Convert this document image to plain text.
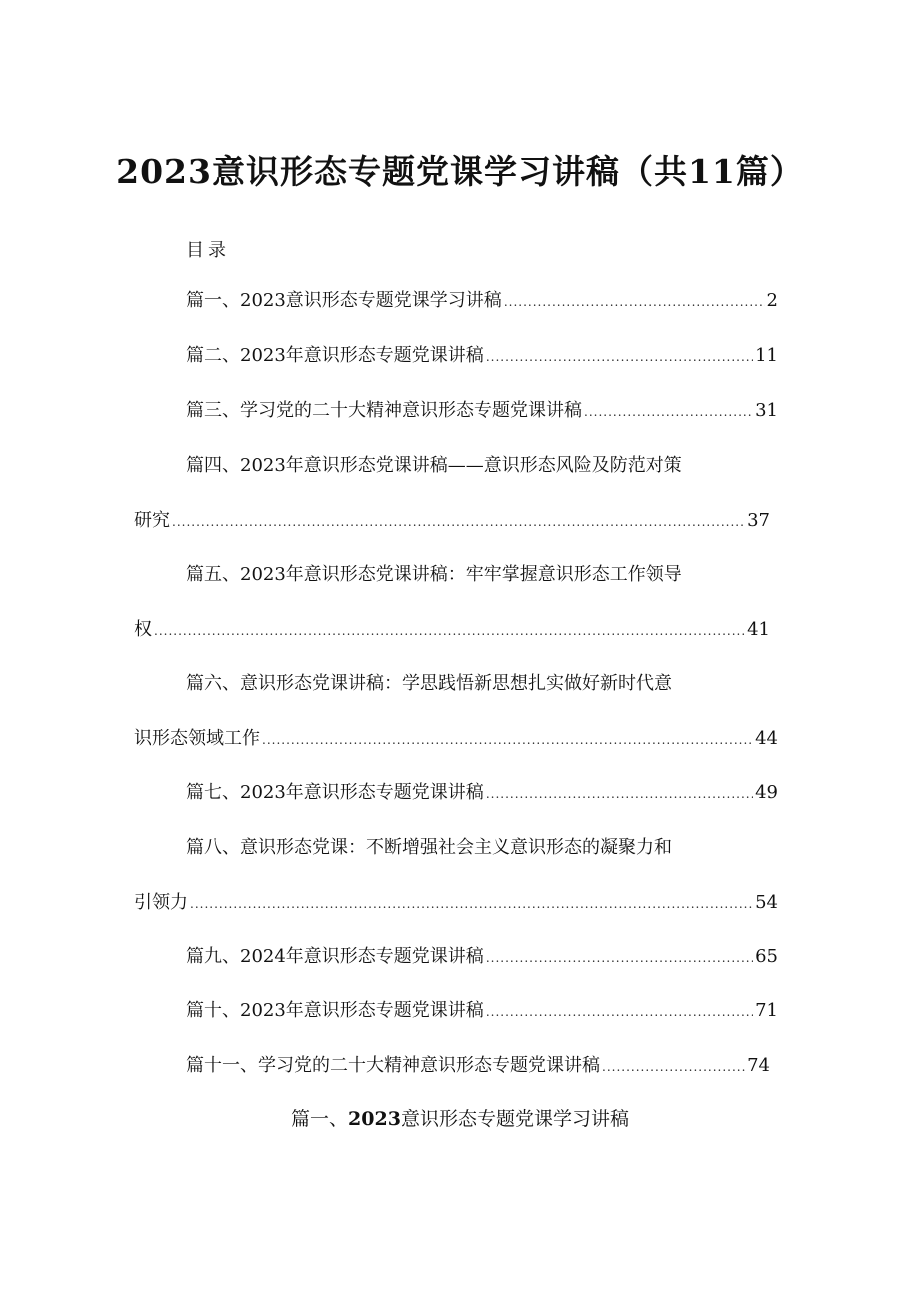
2023意识形态专题党课学习讲稿（共11篇）
目录
篇一、2023意识形态专题党课学习讲稿 .....	2
篇二、2023年意识形态专题党课讲稿 .....	11
篇三、学习党的二十大精神意识形态专题党课讲稿 .....	31
篇四、2023年意识形态党课讲稿——意识形态风险及防范对策
研究 .....	37
篇五、2023年意识形态党课讲稿：牢牢掌握意识形态工作领导
权 .....	41
篇六、意识形态党课讲稿：学思践悟新思想扎实做好新时代意
识形态领域工作 .....	44
篇七、2023年意识形态专题党课讲稿 .....	49
篇八、意识形态党课：不断增强社会主义意识形态的凝聚力和
引领力 .....	54
篇九、2024年意识形态专题党课讲稿 .....	65
篇十、2023年意识形态专题党课讲稿 .....	71
篇十一、学习党的二十大精神意识形态专题党课讲稿 .....	74
篇一、2023意识形态专题党课学习讲稿
